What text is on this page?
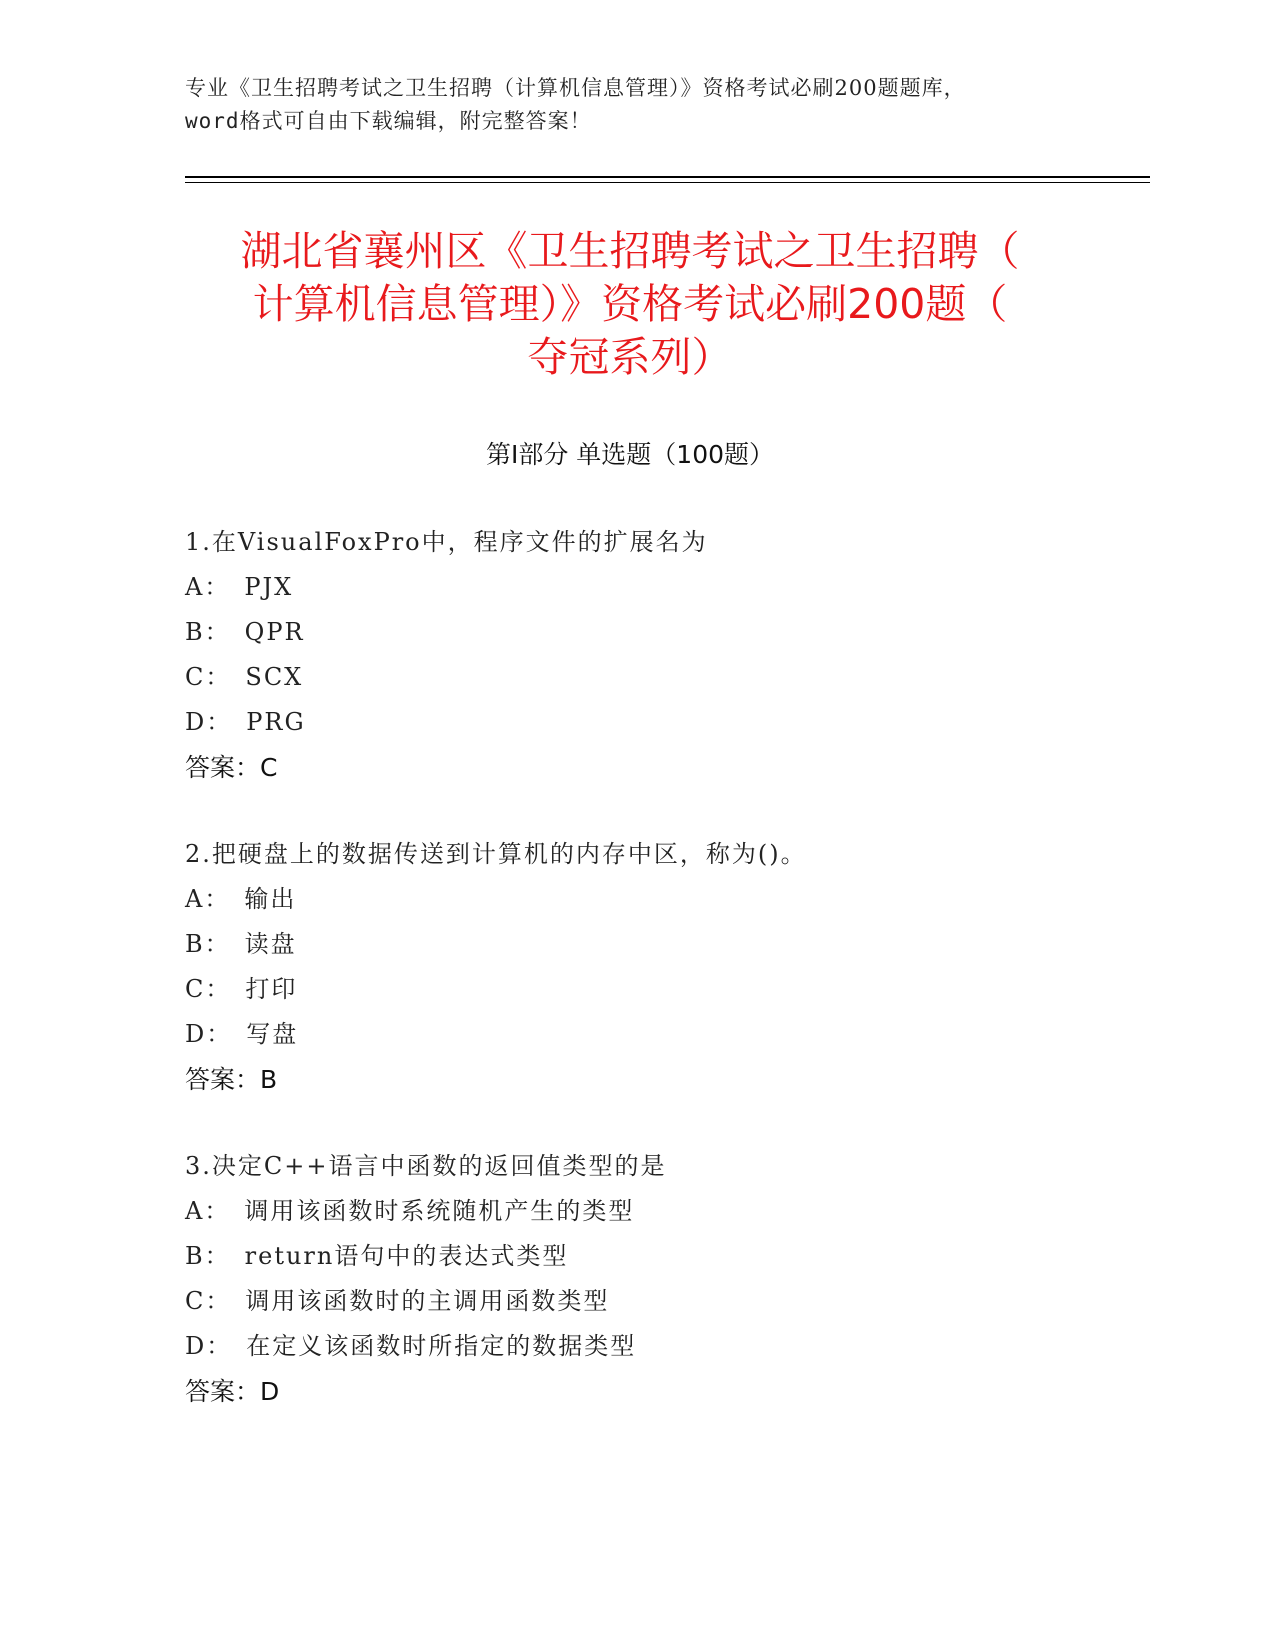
专业《卫生招聘考试之卫生招聘（计算机信息管理）》资格考试必刷200题题库，
word格式可自由下载编辑，附完整答案！
湖北省襄州区《卫生招聘考试之卫生招聘（
计算机信息管理）》资格考试必刷200题（
夺冠系列）
第Ⅰ部分 单选题（100题）
1.在VisualFoxPro中，程序文件的扩展名为
A： PJX
B： QPR
C： SCX
D： PRG
答案：C
2.把硬盘上的数据传送到计算机的内存中区，称为()。
A： 输出
B： 读盘
C： 打印
D： 写盘
答案：B
3.决定C++语言中函数的返回值类型的是
A： 调用该函数时系统随机产生的类型
B： return语句中的表达式类型
C： 调用该函数时的主调用函数类型
D： 在定义该函数时所指定的数据类型
答案：D
